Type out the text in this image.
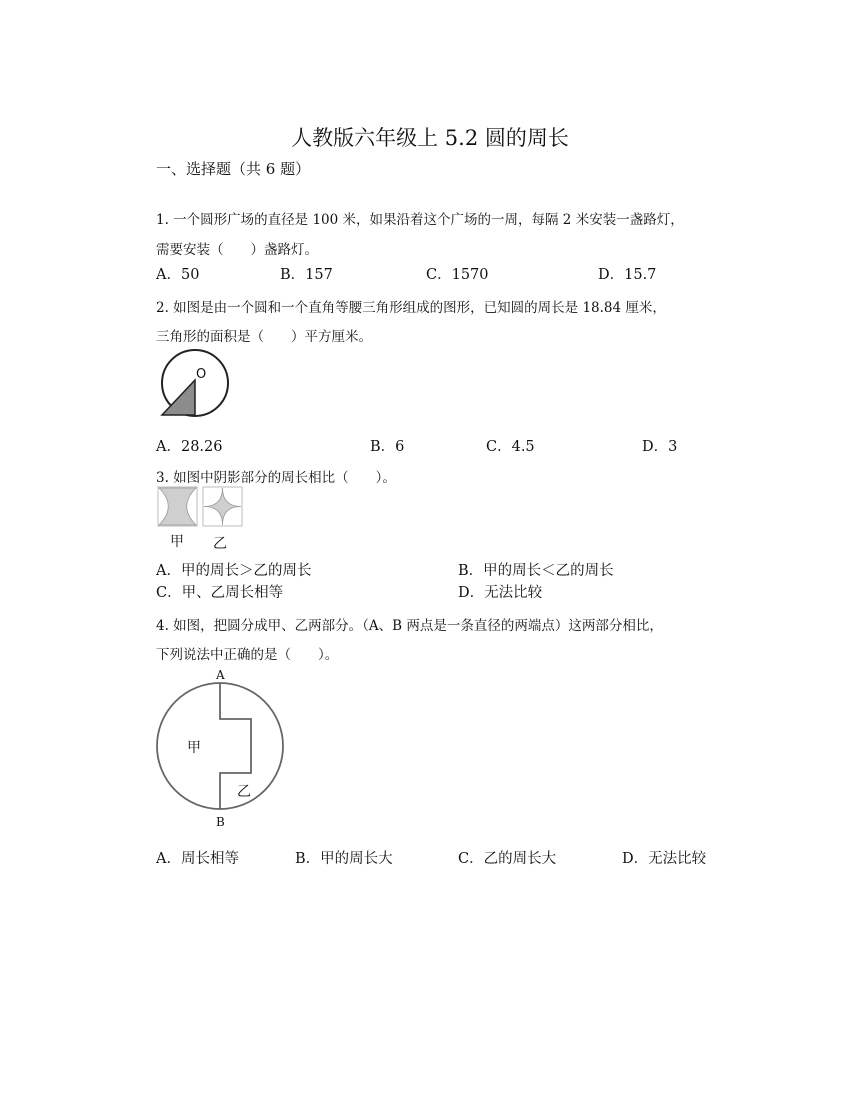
人教版六年级上 5.2 圆的周长
一、选择题（共 6 题）
1. 一个圆形广场的直径是 100 米，如果沿着这个广场的一周，每隔 2 米安装一盏路灯，
需要安装（　　）盏路灯。
A．50	B．157	C．1570	D．15.7
2. 如图是由一个圆和一个直角等腰三角形组成的图形，已知圆的周长是 18.84 厘米，
三角形的面积是（　　）平方厘米。
O
A．28.26	B．6	C．4.5	D．3
3. 如图中阴影部分的周长相比（　　）。
甲 乙
A．甲的周长＞乙的周长	B．甲的周长＜乙的周长
C．甲、乙周长相等	D．无法比较
4. 如图，把圆分成甲、乙两部分。（A、B 两点是一条直径的两端点）这两部分相比，
下列说法中正确的是（　　）。
A
B
甲
乙
A．周长相等	B．甲的周长大	C．乙的周长大	D．无法比较
